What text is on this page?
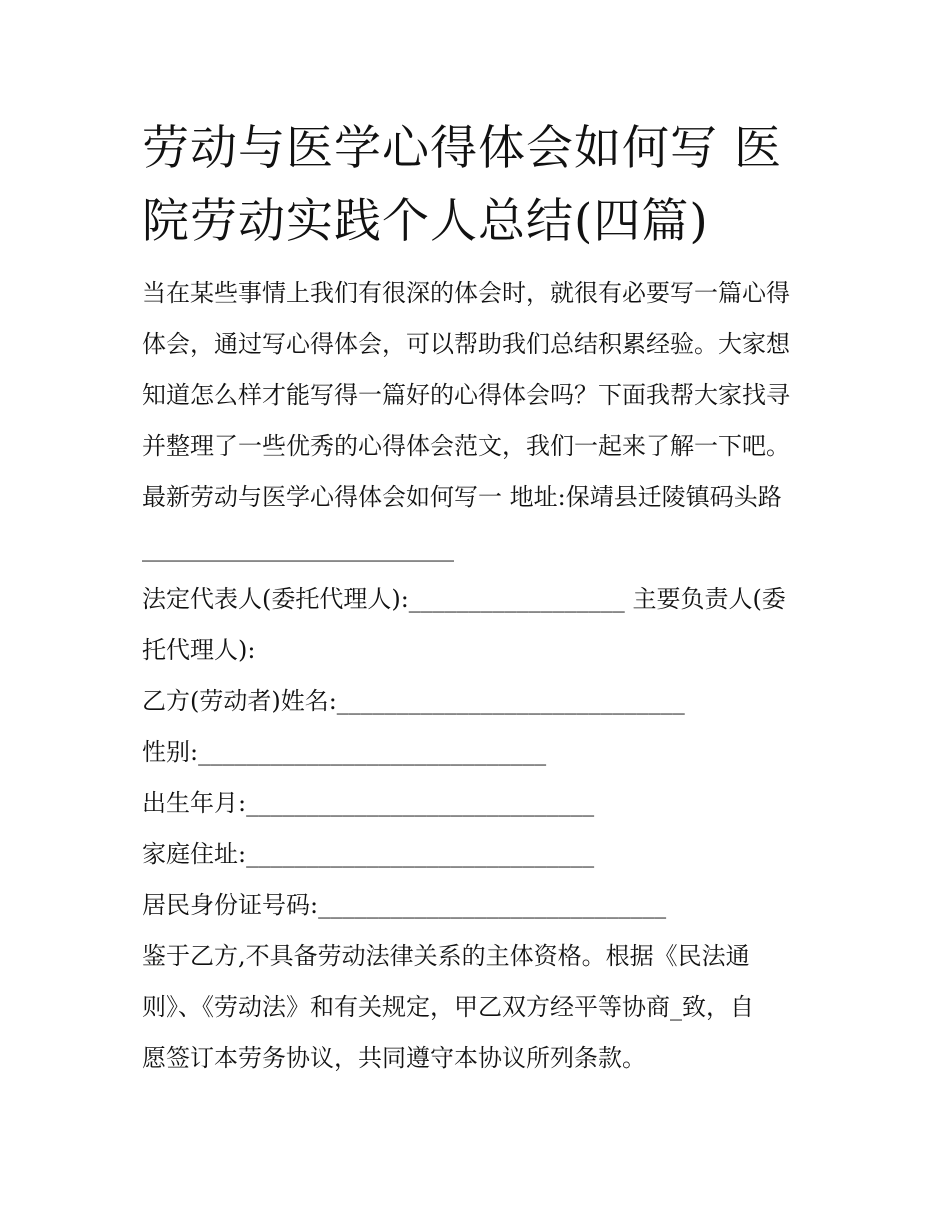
劳动与医学心得体会如何写 医
院劳动实践个人总结(四篇)

当在某些事情上我们有很深的体会时，就很有必要写一篇心得

体会，通过写心得体会，可以帮助我们总结积累经验。大家想

知道怎么样才能写得一篇好的心得体会吗？下面我帮大家找寻

并整理了一些优秀的心得体会范文，我们一起来了解一下吧。

最新劳动与医学心得体会如何写一 地址:保靖县迁陵镇码头路

__________________________

法定代表人(委托代理人):__________________ 主要负责人(委

托代理人):

乙方(劳动者)姓名:_____________________________

性别:_____________________________

出生年月:_____________________________

家庭住址:_____________________________

居民身份证号码:_____________________________

鉴于乙方,不具备劳动法律关系的主体资格。根据《民法通

则》、《劳动法》和有关规定，甲乙双方经平等协商_致，自

愿签订本劳务协议，共同遵守本协议所列条款。
